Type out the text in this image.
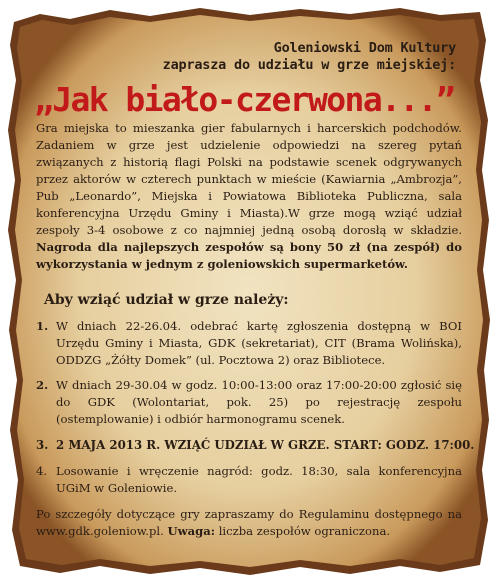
Goleniowski Dom Kultury
zaprasza do udziału w grze miejskiej:
„Jak biało-czerwona...”
Gra miejska to mieszanka gier fabularnych i harcerskich podchodów. Zadaniem w grze jest udzielenie odpowiedzi na szereg pytań związanych z historią flagi Polski na podstawie scenek odgrywanych przez aktorów w czterech punktach w mieście (Kawiarnia „Ambrozja”, Pub „Leonardo”, Miejska i Powiatowa Biblioteka Publiczna, sala konferencyjna Urzędu Gminy i Miasta).W grze mogą wziąć udział zespoły 3-4 osobowe z co najmniej jedną osobą dorosłą w składzie. Nagroda dla najlepszych zespołów są bony 50 zł (na zespół) do wykorzystania w jednym z goleniowskich supermarketów.
Aby wziąć udział w grze należy:
1. W dniach 22-26.04. odebrać kartę zgłoszenia dostępną w BOI Urzędu Gminy i Miasta, GDK (sekretariat), CIT (Brama Wolińska), ODDZG „Żółty Domek” (ul. Pocztowa 2) oraz Bibliotece.
2. W dniach 29-30.04 w godz. 10:00-13:00 oraz 17:00-20:00 zgłosić się do GDK (Wolontariat, pok. 25) po rejestrację zespołu (ostemplowanie) i odbiór harmonogramu scenek.
3. 2 MAJA 2013 R. WZIĄĆ UDZIAŁ W GRZE. START: GODZ. 17:00.
4. Losowanie i wręczenie nagród: godz. 18:30, sala konferencyjna UGiM w Goleniowie.
Po szczegóły dotyczące gry zapraszamy do Regulaminu dostępnego na www.gdk.goleniow.pl. Uwaga: liczba zespołów ograniczona.
